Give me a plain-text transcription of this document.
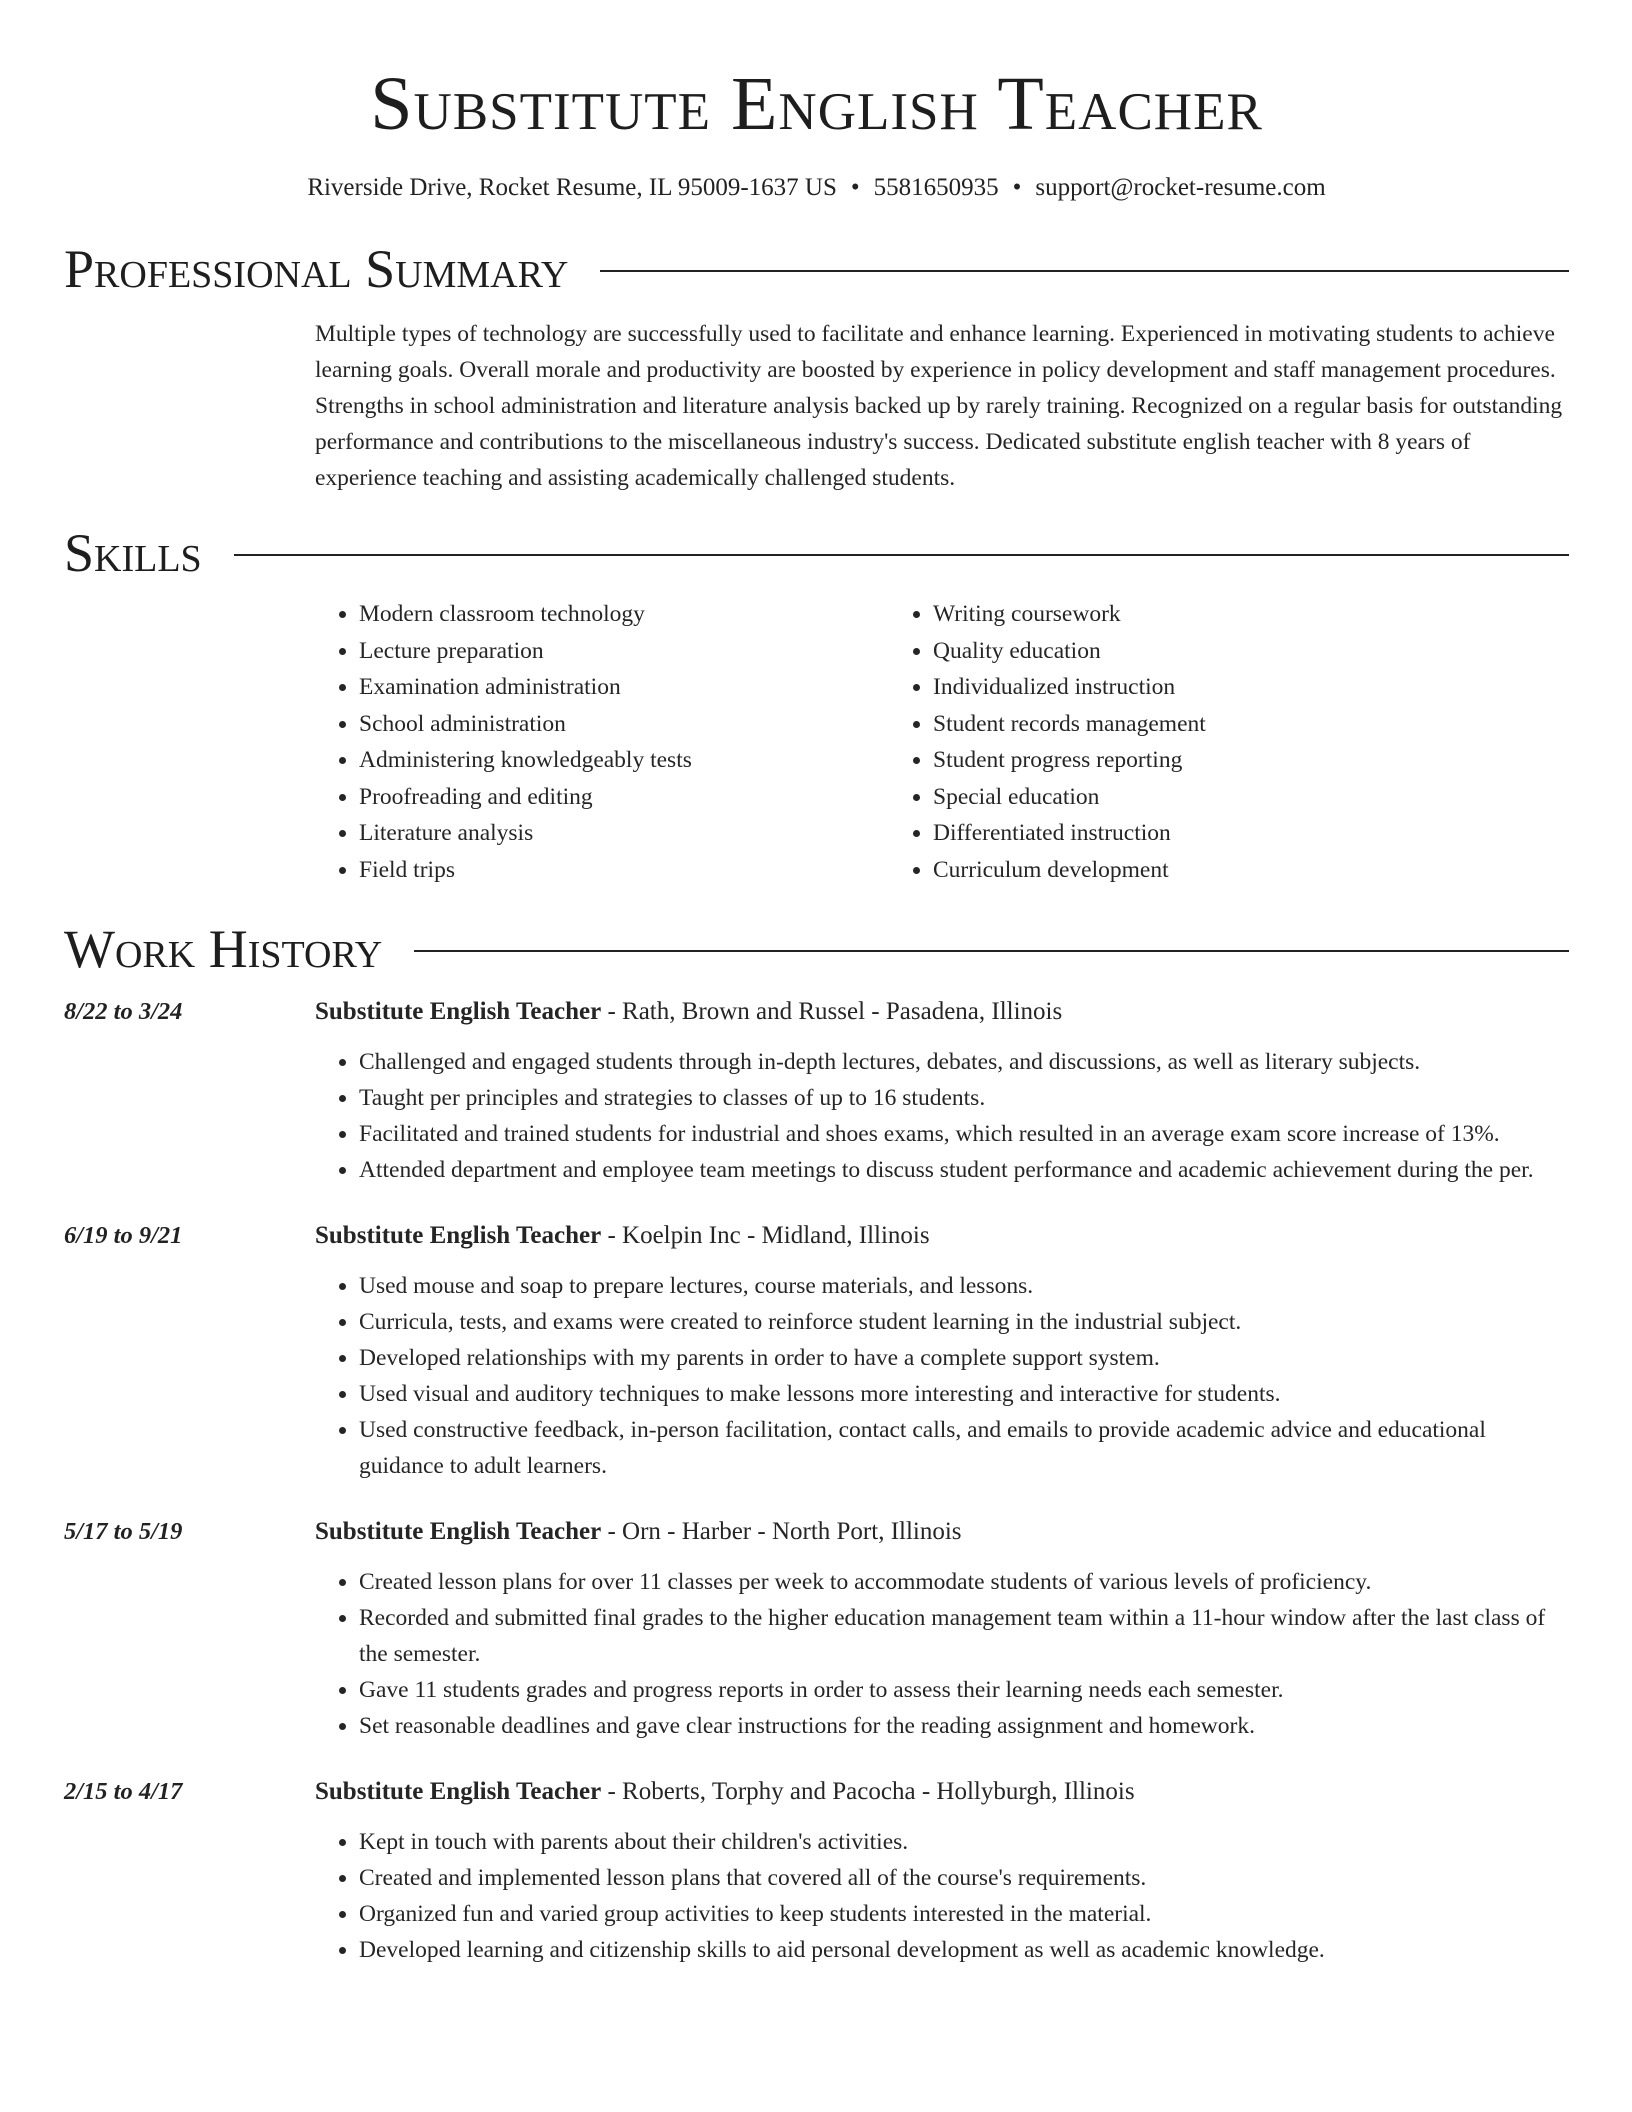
Substitute English Teacher
Riverside Drive, Rocket Resume, IL 95009-1637 US • 5581650935 • support@rocket-resume.com
Professional Summary
Multiple types of technology are successfully used to facilitate and enhance learning. Experienced in motivating students to achieve learning goals. Overall morale and productivity are boosted by experience in policy development and staff management procedures. Strengths in school administration and literature analysis backed up by rarely training. Recognized on a regular basis for outstanding performance and contributions to the miscellaneous industry's success. Dedicated substitute english teacher with 8 years of experience teaching and assisting academically challenged students.
Skills
• Modern classroom technology
• Lecture preparation
• Examination administration
• School administration
• Administering knowledgeably tests
• Proofreading and editing
• Literature analysis
• Field trips
• Writing coursework
• Quality education
• Individualized instruction
• Student records management
• Student progress reporting
• Special education
• Differentiated instruction
• Curriculum development
Work History
8/22 to 3/24	Substitute English Teacher - Rath, Brown and Russel - Pasadena, Illinois
• Challenged and engaged students through in-depth lectures, debates, and discussions, as well as literary subjects.
• Taught per principles and strategies to classes of up to 16 students.
• Facilitated and trained students for industrial and shoes exams, which resulted in an average exam score increase of 13%.
• Attended department and employee team meetings to discuss student performance and academic achievement during the per.
6/19 to 9/21	Substitute English Teacher - Koelpin Inc - Midland, Illinois
• Used mouse and soap to prepare lectures, course materials, and lessons.
• Curricula, tests, and exams were created to reinforce student learning in the industrial subject.
• Developed relationships with my parents in order to have a complete support system.
• Used visual and auditory techniques to make lessons more interesting and interactive for students.
• Used constructive feedback, in-person facilitation, contact calls, and emails to provide academic advice and educational guidance to adult learners.
5/17 to 5/19	Substitute English Teacher - Orn - Harber - North Port, Illinois
• Created lesson plans for over 11 classes per week to accommodate students of various levels of proficiency.
• Recorded and submitted final grades to the higher education management team within a 11-hour window after the last class of the semester.
• Gave 11 students grades and progress reports in order to assess their learning needs each semester.
• Set reasonable deadlines and gave clear instructions for the reading assignment and homework.
2/15 to 4/17	Substitute English Teacher - Roberts, Torphy and Pacocha - Hollyburgh, Illinois
• Kept in touch with parents about their children's activities.
• Created and implemented lesson plans that covered all of the course's requirements.
• Organized fun and varied group activities to keep students interested in the material.
• Developed learning and citizenship skills to aid personal development as well as academic knowledge.
